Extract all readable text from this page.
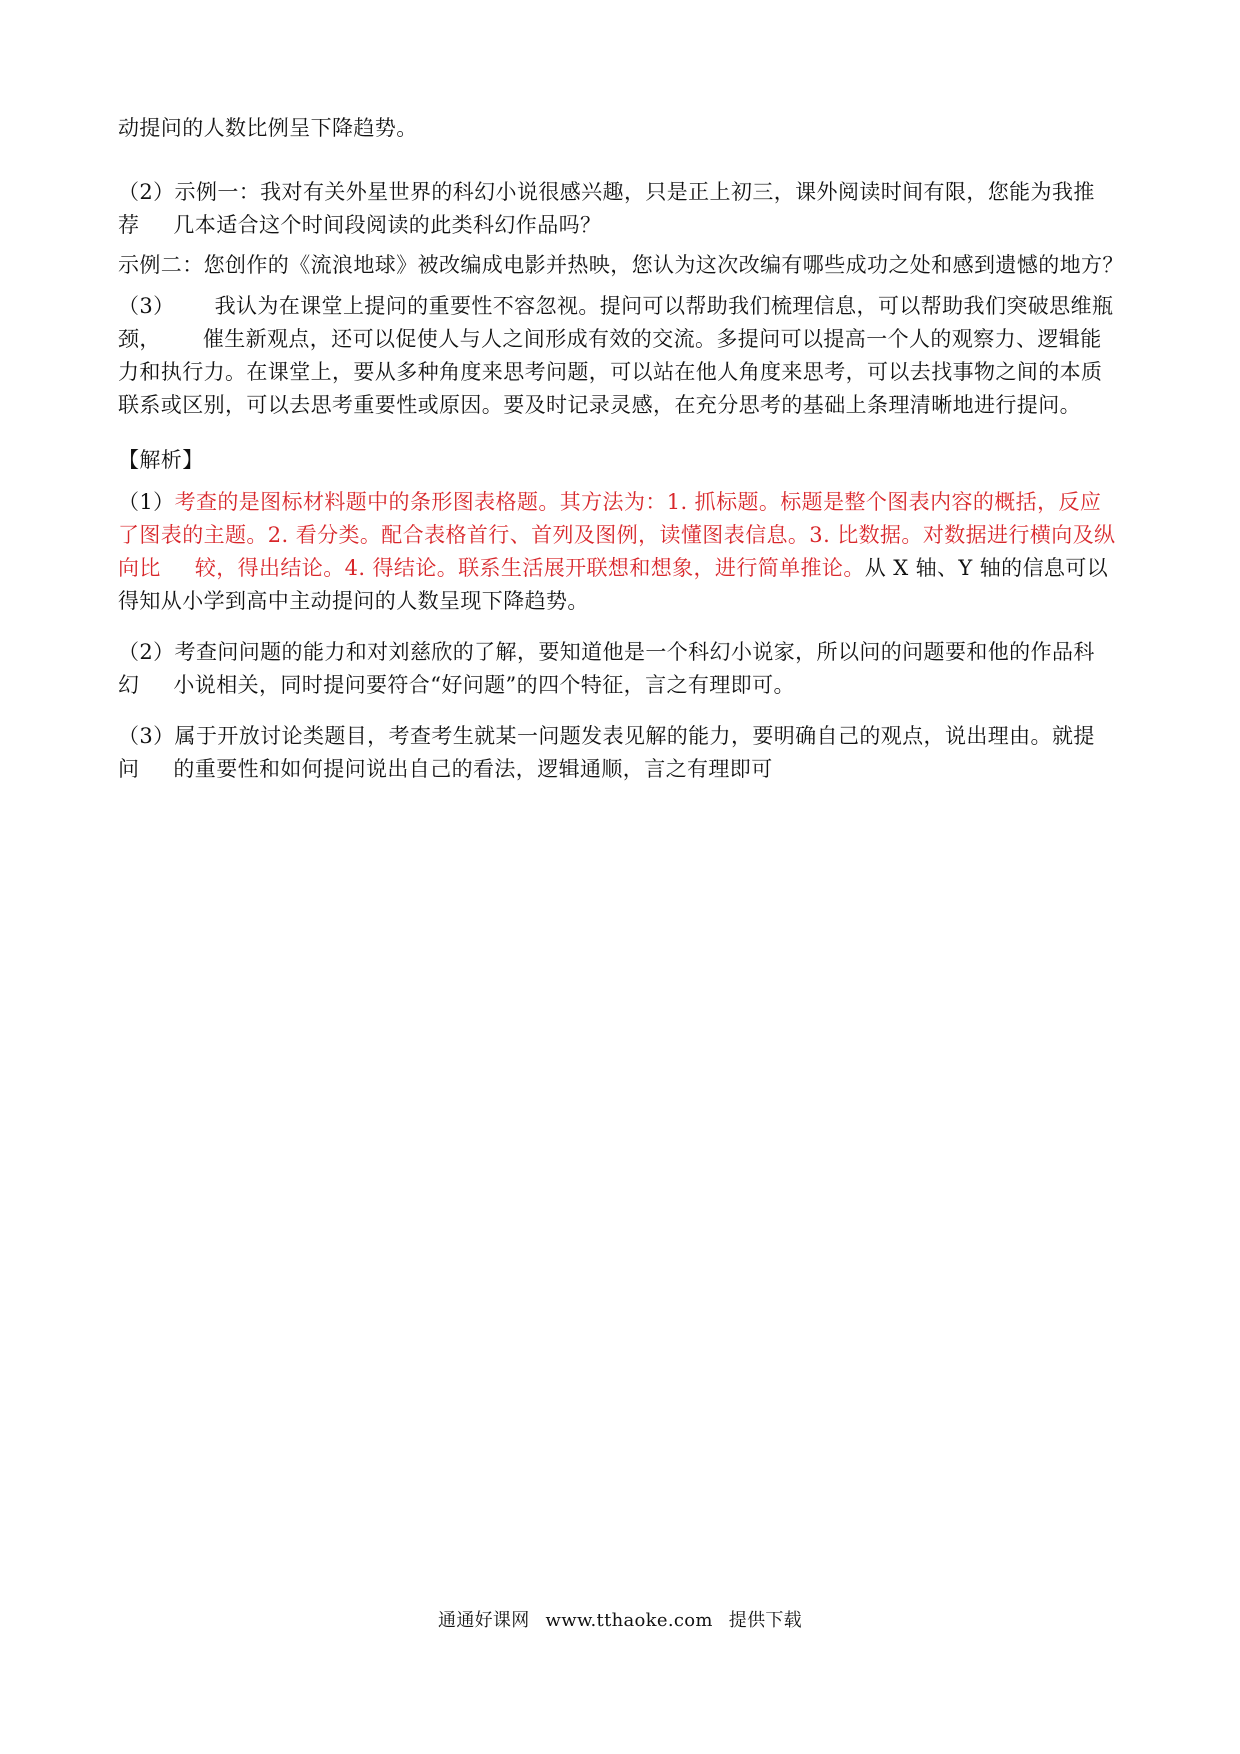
动提问的人数比例呈下降趋势。

（2）示例一：我对有关外星世界的科幻小说很感兴趣，只是正上初三，课外阅读时间有限，您能为我推
荐 几本适合这个时间段阅读的此类科幻作品吗？

示例二：您创作的《流浪地球》被改编成电影并热映，您认为这次改编有哪些成功之处和感到遗憾的地方？

（3） 我认为在课堂上提问的重要性不容忽视。提问可以帮助我们梳理信息，可以帮助我们突破思维瓶
颈， 催生新观点，还可以促使人与人之间形成有效的交流。多提问可以提高一个人的观察力、逻辑能
力和执行力。在课堂上，要从多种角度来思考问题，可以站在他人角度来思考，可以去找事物之间的本质
联系或区别，可以去思考重要性或原因。要及时记录灵感，在充分思考的基础上条理清晰地进行提问。

【解析】

（1）考查的是图标材料题中的条形图表格题。其方法为：1. 抓标题。标题是整个图表内容的概括，反应
了图表的主题。2. 看分类。配合表格首行、首列及图例，读懂图表信息。3. 比数据。对数据进行横向及纵
向比 较，得出结论。4. 得结论。联系生活展开联想和想象，进行简单推论。从 X 轴、Y 轴的信息可以
得知从小学到高中主动提问的人数呈现下降趋势。

（2）考查问问题的能力和对刘慈欣的了解，要知道他是一个科幻小说家，所以问的问题要和他的作品科
幻 小说相关，同时提问要符合“好问题”的四个特征，言之有理即可。

（3）属于开放讨论类题目，考查考生就某一问题发表见解的能力，要明确自己的观点，说出理由。就提
问 的重要性和如何提问说出自己的看法，逻辑通顺，言之有理即可

通通好课网 www.tthaoke.com 提供下载
